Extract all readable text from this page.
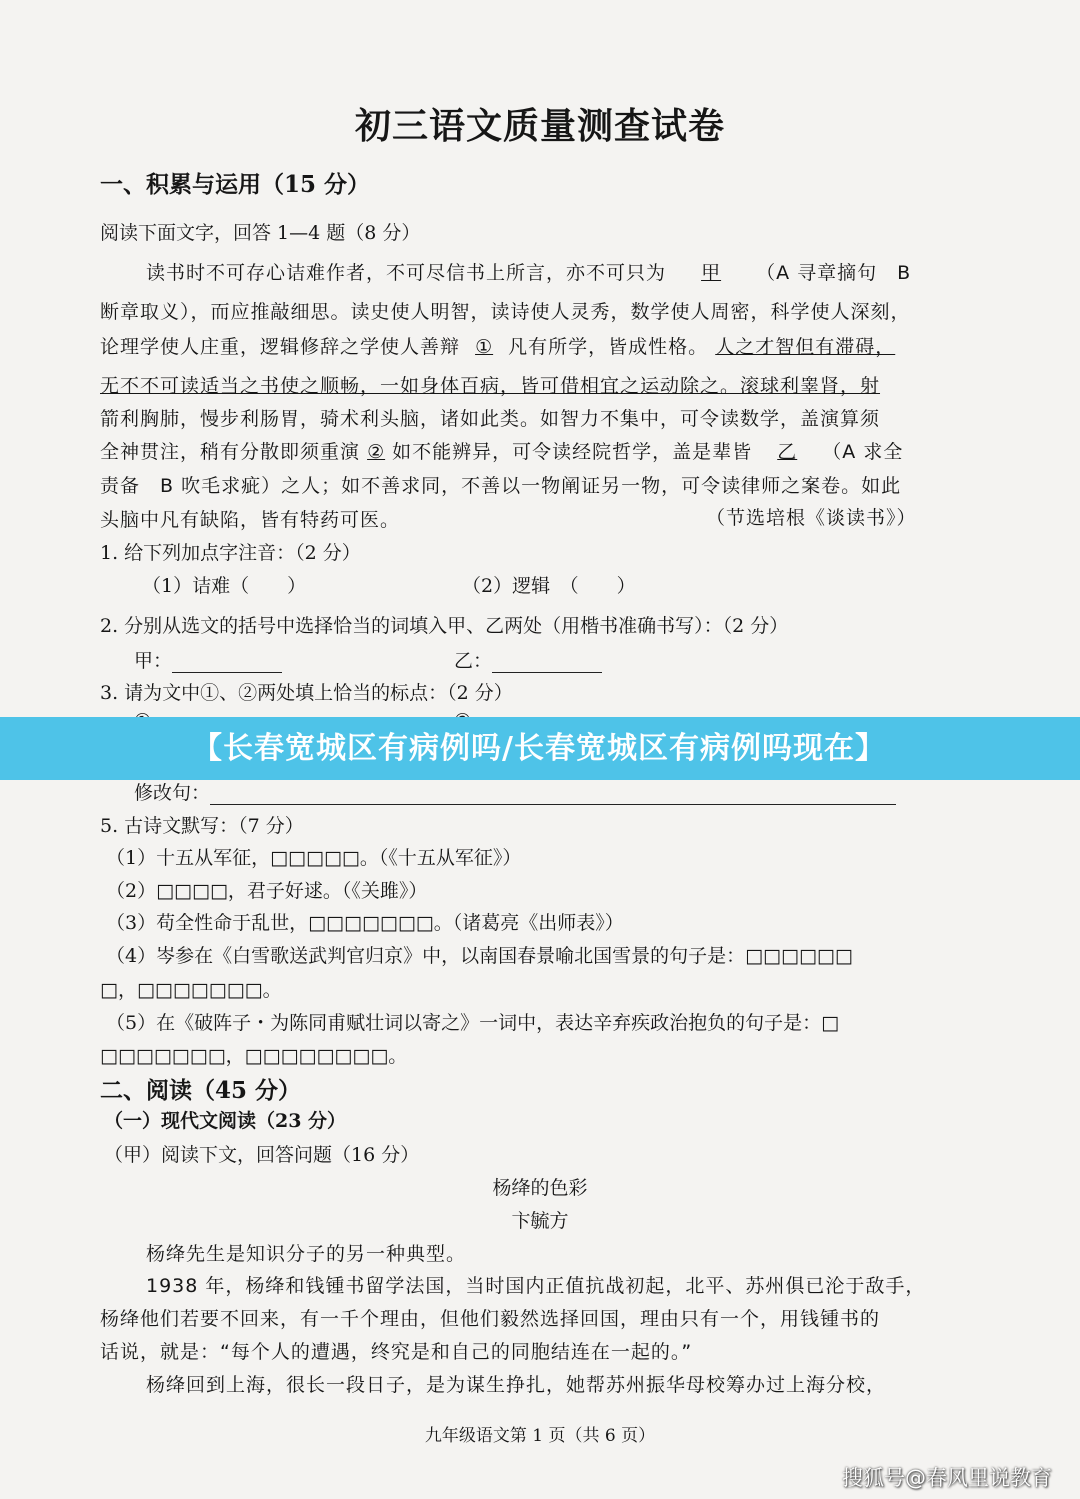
初三语文质量测查试卷
一、积累与运用（15 分）
阅读下面文字，回答 1—4 题（8 分）
读书时不可存心诘难作者，不可尽信书上所言，亦不可只为 甲 （A 寻章摘句　B
断章取义），而应推敲细思。读史使人明智，读诗使人灵秀，数学使人周密，科学使人深刻，
论理学使人庄重，逻辑修辞之学使人善辩 ① 凡有所学，皆成性格。 人之才智但有滞碍，
无不不可读适当之书使之顺畅，一如身体百病，皆可借相宜之运动除之。滚球利睾肾，射
箭利胸肺，慢步利肠胃，骑术利头脑，诸如此类。如智力不集中，可令读数学，盖演算须
全神贯注，稍有分散即须重演 ② 如不能辨异，可令读经院哲学，盖是辈皆 乙 （A 求全
责备　B 吹毛求疵）之人；如不善求同，不善以一物阐证另一物，可令读律师之案卷。如此
头脑中凡有缺陷，皆有特药可医。	（节选培根《谈读书》）
1. 给下列加点字注音：（2 分）
（1）诘难（　　）	（2）逻辑　（　　）
2. 分别从选文的括号中选择恰当的词填入甲、乙两处（用楷书准确书写）：（2 分）
甲：	乙：
3. 请为文中①、②两处填上恰当的标点：（2 分）
修改句：
5. 古诗文默写：（7 分）
（1）十五从军征，□□□□□。（《十五从军征》）
（2）□□□□，君子好逑。（《关雎》）
（3）苟全性命于乱世，□□□□□□□。（诸葛亮《出师表》）
（4）岑参在《白雪歌送武判官归京》中，以南国春景喻北国雪景的句子是：□□□□□□
□，□□□□□□□。
（5）在《破阵子・为陈同甫赋壮词以寄之》一词中，表达辛弃疾政治抱负的句子是：□
□□□□□□□，□□□□□□□□。
二、阅读（45 分）
（一）现代文阅读（23 分）
（甲）阅读下文，回答问题（16 分）
杨绛的色彩
卞毓方
杨绛先生是知识分子的另一种典型。
1938 年，杨绛和钱锺书留学法国，当时国内正值抗战初起，北平、苏州俱已沦于敌手，
杨绛他们若要不回来，有一千个理由，但他们毅然选择回国，理由只有一个，用钱锺书的
话说，就是：“每个人的遭遇，终究是和自己的同胞结连在一起的。”
杨绛回到上海，很长一段日子，是为谋生挣扎，她帮苏州振华母校筹办过上海分校，
九年级语文第 1 页（共 6 页）
【长春宽城区有病例吗/长春宽城区有病例吗现在】
搜狐号@春风里说教育
